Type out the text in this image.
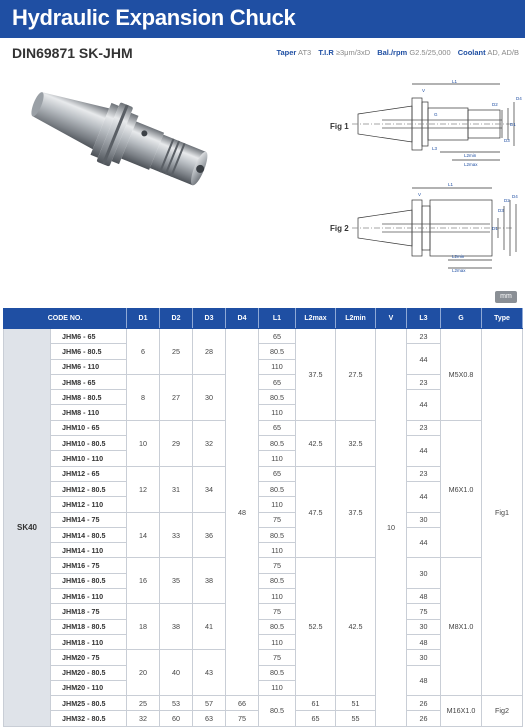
Hydraulic Expansion Chuck
DIN69871 SK-JHM	Taper AT3 T.I.R ≥3μm/3xD Bal./rpm G2.5/25,000 Coolant AD, AD/B
Fig 1
L1
D1
D4
D3
D2
G
L3
L2min
L2max
V
Fig 2
L1
D1
D4
D3
D2
L2min
L2max
V
mm
CODE NO.		D1	D2	D3	D4	L1	L2max	L2min	V	L3	G	Type
SK40	JHM6 - 65	6	25	28	48	65	37.5	27.5	10	23	M5X0.8	Fig1
	JHM6 - 80.5					80.5				44		
	JHM6 - 110					110						
	JHM8 - 65	8	27	30		65				23		
	JHM8 - 80.5					80.5				44		
	JHM8 - 110					110						
	JHM10 - 65	10	29	32		65	42.5	32.5		23	M6X1.0	
	JHM10 - 80.5					80.5				44		
	JHM10 - 110					110						
	JHM12 - 65	12	31	34		65	47.5	37.5		23		
	JHM12 - 80.5					80.5				44		
	JHM12 - 110					110						
	JHM14 - 75	14	33	36		75				30		
	JHM14 - 80.5					80.5				44		
	JHM14 - 110					110						
	JHM16 - 75	16	35	38		75	52.5	42.5		30	M8X1.0	
	JHM16 - 80.5					80.5						
	JHM16 - 110					110				48		
	JHM18 - 75	18	38	41		75				75		
	JHM18 - 80.5					80.5				30		
	JHM18 - 110					110				48		
	JHM20 - 75	20	40	43		75				30		
	JHM20 - 80.5					80.5				48		
	JHM20 - 110					110						
	JHM25 - 80.5	25	53	57	66	80.5	61	51		26	M16X1.0	Fig2
	JHM32 - 80.5	32	60	63	75		65	55		26		
